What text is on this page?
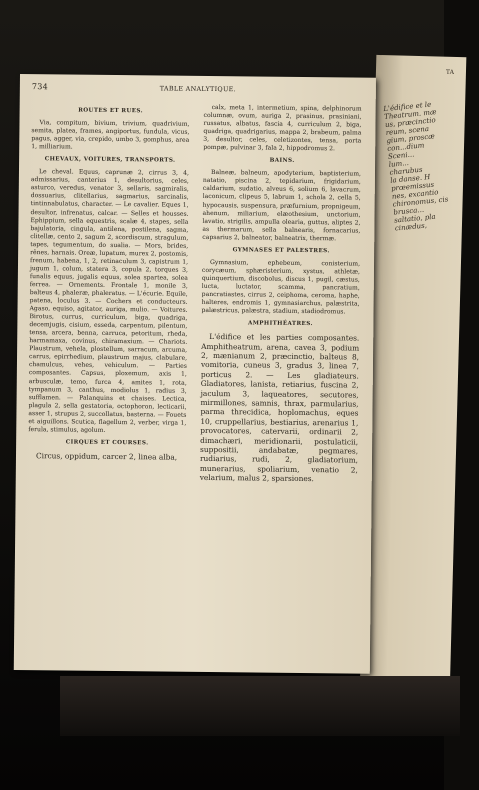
TA
L'édifice et le
Theatrum. mæ
us, præcinctio
reum, scena
gium, proscæ
con...dium
Sceni...
lum...
charubus
la danse. H
prœemissus
nes, excantio
chironomus, cis
brusca...
saltatio, pla
cinædus,
734	TABLE ANALYTIQUE.
ROUTES ET RUES.
Via, compitum, bivium, trivium, quadrivium, semita, platea, frames, angiportus, fundula, vicus, pagus, agger, via, crepido, umbo 3, gomphus, area 1, milliarium.
CHEVAUX, VOITURES, TRANSPORTS.
Le cheval. Equus, caprunæ 2, cirrus 3, 4, admissarius, canterius 1, desultorius, celes, asturco, veredus, venator 3, sellaris, sagmiralis, dossuarius, clitellarius, sagmarius, sarcinalis, tintinnabulatus, character. — Le cavalier. Eques 1, desultor, infrenatus, calcar. — Selles et housses. Ephippium, sella equestris, scalæ 4, stapes, sella bajulatoria, cingula, antilena, postilena, sagma, clitellæ, cento 2, sagum 2, scordiscum, stragulum, tapes, tegumentum, do sualia. — Mors, brides, rênes, harnais. Oreæ, lupatum, murex 2, postomis, frenum, habena, 1, 2, retinaculum 3, capistrum 1, jugum 1, colum, statera 3, copula 2, torques 3, funalis equus, jugalis equus, solea spartea, solea ferrea. — Ornements. Frontale 1, monile 3, balteus 4, phaleræ, phaleratus. — L'écurie. Equile, patena, loculus 3. — Cochers et conducteurs. Agaso, equiso, agitator, auriga, mulio. — Voitures. Birotus, currus, curriculum, biga, quadriga, decemjugis, cisium, esseda, carpentum, pilentum, tensa, arcera, benna, carruca, petoritum, rheda, harmamaxa, covinus, chiramaxium. — Chariots. Plaustrum, vehela, plostellum, sarracum, arcuma, carrus, epirrhedium, plaustrum majus, clabulare, chamulcus, vehes, vehiculum. — Parties composantes. Capsus, ploxemum, axis 1, arbusculæ, temo, furca 4, amites 1, rota, tympanum 3, canthus, modiolus 1, radius 3, sufflamen. — Palanquins et chaises. Lectica, plagula 2, sella gestatoria, octophoron, lecticarii, asser 1, strupus 2, succollatus, basterna. — Fouets et aiguillons. Scutica, flagellum 2, verber, virga 1, ferula, stimulus, agolum.
CIRQUES ET COURSES.
Circus, oppidum, carcer 2, linea alba,
calx, meta 1, intermetium, spina, delphinorum columnæ, ovum, auriga 2, prasinus, prasiniani, russatus, albatus, fascia 4, curriculum 2, biga, quadriga, quadrigarius, mappa 2, brabeum, palma 3, desultor, celes, celetizontes, tensa, porta pompæ, pulvinar 3, fala 2, hippodromus 2.
BAINS.
Balneæ, balneum, apodyterium, baptisterium, natatio, piscina 2, tepidarium, frigidarium, caldarium, sudatio, alveus 6, solium 6, lavacrum, laconicum, clipeus 5, labrum 1, schola 2, cella 5, hypocausis, suspensura, præfurnium, propnigeum, ahenum, miliarium, elæothesium, unctorium, lavatio, strigilis, ampulla olearia, guttus, aliptes 2, as thermarum, sella balnearis, fornacarius, capsarius 2, balneator, balneatrix, thermæ.
GYMNASES ET PALESTRES.
Gymnasium, ephebeum, conisterium, corycæum, sphæristerium, xystus, athletæ, quinquertium, discobolus, discus 1, pugil, cæstus, lucta, luctator, scamma, pancratium, pancratiastes, cirrus 2, ceiphoma, ceroma, haphe, halteres, endromis 1, gymnasiarchus, palæstrita, palæstricus, palæstra, stadium, stadiodromus.
AMPHITHÉATRES.
L'édifice et les parties composantes. Amphitheatrum, arena, cavea 3, podium 2, mænianum 2, præcinctio, balteus 8, vomitoria, cuneus 3, gradus 3, linea 7, porticus 2. — Les gladiateurs. Gladiatores, lanista, retiarius, fuscina 2, jaculum 3, laqueatores, secutores, mirmillones, samnis, thrax, parmularius, parma threcidica, hoplomachus, eques 10, cruppellarius, bestiarius, arenarius 1, provocatores, catervarii, ordinarii 2, dimachæri, meridionarii, postulaticii, suppositii, andabatæ, pegmares, rudiarius, rudi, 2, gladiatorium, munerarius, spoliarium, venatio 2, velarium, malus 2, sparsiones.
